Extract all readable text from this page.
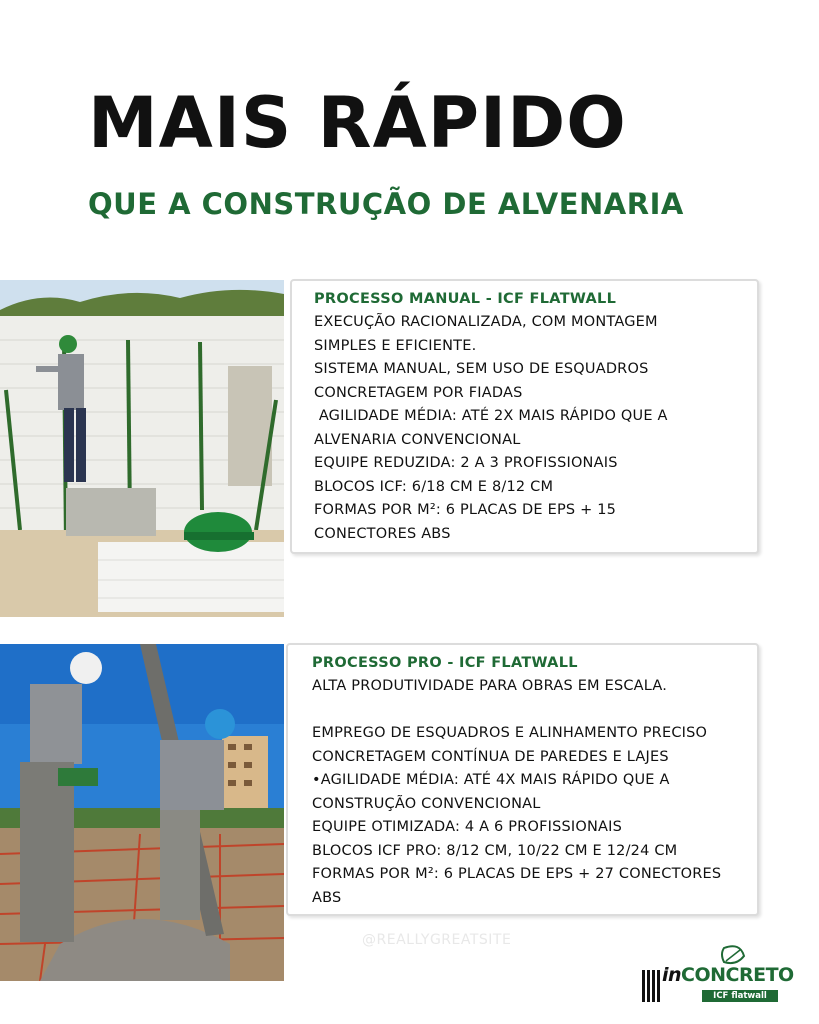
MAIS RÁPIDO
QUE A CONSTRUÇÃO DE ALVENARIA

PROCESSO MANUAL - ICF FLATWALL

EXECUÇÃO RACIONALIZADA, COM MONTAGEM

SIMPLES E EFICIENTE.

SISTEMA MANUAL, SEM USO DE ESQUADROS

CONCRETAGEM POR FIADAS

AGILIDADE MÉDIA: ATÉ 2X MAIS RÁPIDO QUE A

ALVENARIA CONVENCIONAL

EQUIPE REDUZIDA: 2 A 3 PROFISSIONAIS

BLOCOS ICF: 6/18 CM E 8/12 CM

FORMAS POR M²: 6 PLACAS DE EPS + 15

CONECTORES ABS

PROCESSO PRO - ICF FLATWALL

ALTA PRODUTIVIDADE PARA OBRAS EM ESCALA.

EMPREGO DE ESQUADROS E ALINHAMENTO PRECISO

CONCRETAGEM CONTÍNUA DE PAREDES E LAJES

•AGILIDADE MÉDIA: ATÉ 4X MAIS RÁPIDO QUE A

CONSTRUÇÃO CONVENCIONAL

EQUIPE OTIMIZADA: 4 A 6 PROFISSIONAIS

BLOCOS ICF PRO: 8/12 CM, 10/22 CM E 12/24 CM

FORMAS POR M²: 6 PLACAS DE EPS + 27 CONECTORES

ABS

@REALLYGREATSITE
inCONCRETO
ICF flatwall
